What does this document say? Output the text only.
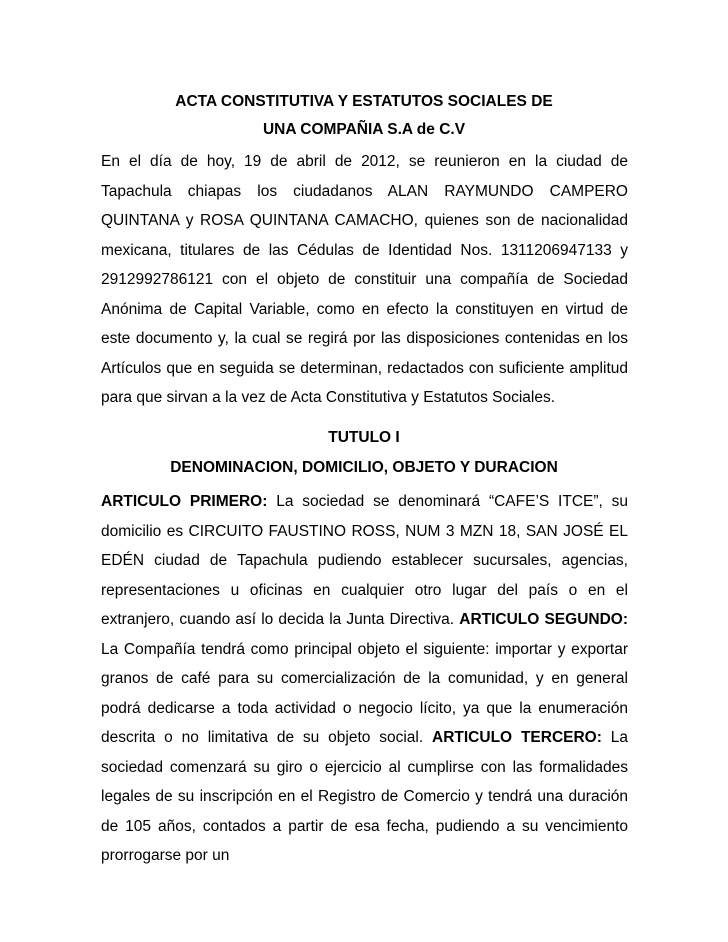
ACTA CONSTITUTIVA Y ESTATUTOS SOCIALES DE

UNA COMPAÑIA S.A de C.V

En el día de hoy, 19 de abril de 2012, se reunieron en la ciudad de Tapachula chiapas los ciudadanos ALAN RAYMUNDO CAMPERO QUINTANA y ROSA QUINTANA CAMACHO, quienes son de nacionalidad mexicana, titulares de las Cédulas de Identidad Nos. 1311206947133 y 2912992786121 con el objeto de constituir una compañía de Sociedad Anónima de Capital Variable, como en efecto la constituyen en virtud de este documento y, la cual se regirá por las disposiciones contenidas en los Artículos que en seguida se determinan, redactados con suficiente amplitud para que sirvan a la vez de Acta Constitutiva y Estatutos Sociales.

TUTULO I

DENOMINACION, DOMICILIO, OBJETO Y DURACION

ARTICULO PRIMERO: La sociedad se denominará “CAFE’S ITCE”, su domicilio es CIRCUITO FAUSTINO ROSS, NUM 3 MZN 18, SAN JOSÉ EL EDÉN ciudad de Tapachula pudiendo establecer sucursales, agencias, representaciones u oficinas en cualquier otro lugar del país o en el extranjero, cuando así lo decida la Junta Directiva. ARTICULO SEGUNDO: La Compañía tendrá como principal objeto el siguiente: importar y exportar granos de café para su comercialización de la comunidad, y en general podrá dedicarse a toda actividad o negocio lícito, ya que la enumeración descrita o no limitativa de su objeto social. ARTICULO TERCERO: La sociedad comenzará su giro o ejercicio al cumplirse con las formalidades legales de su inscripción en el Registro de Comercio y tendrá una duración de 105 años, contados a partir de esa fecha, pudiendo a su vencimiento prorrogarse por un
